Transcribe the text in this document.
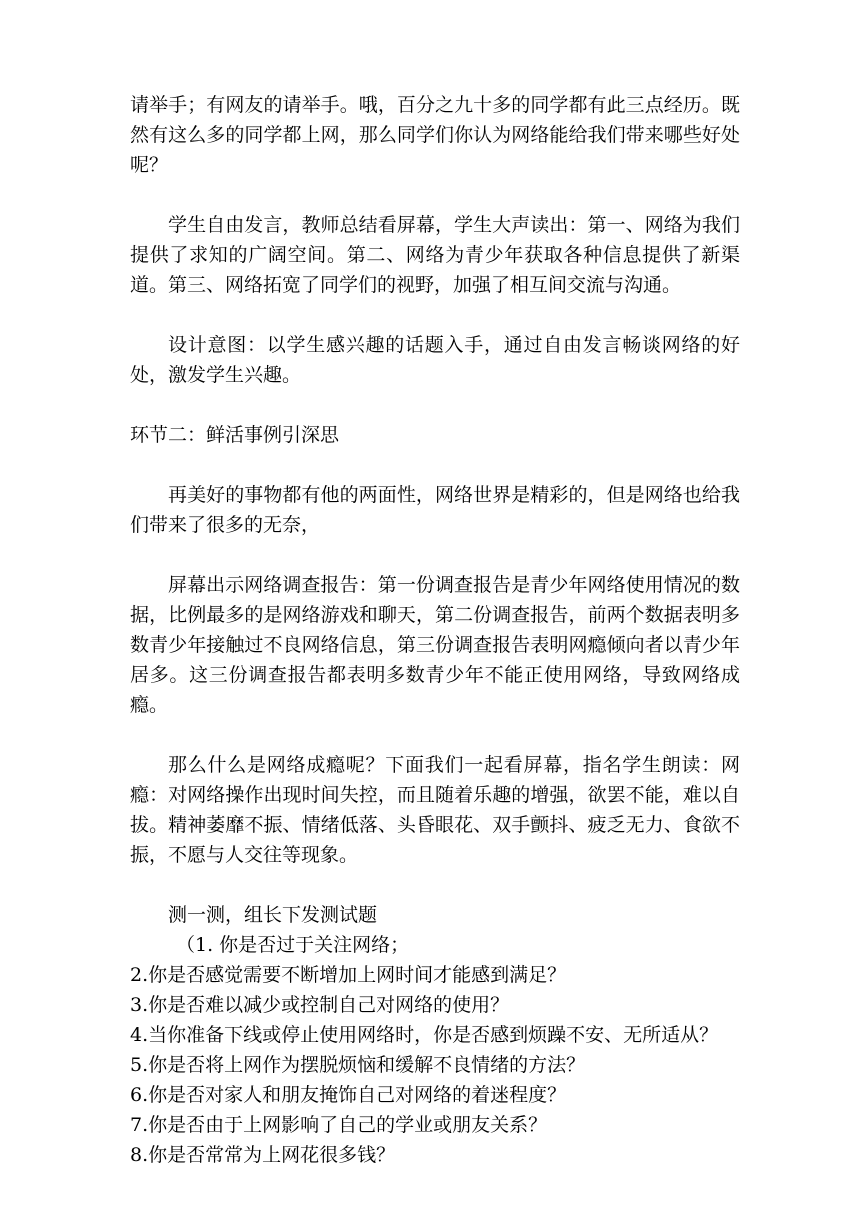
请举手；有网友的请举手。哦，百分之九十多的同学都有此三点经历。既然有这么多的同学都上网，那么同学们你认为网络能给我们带来哪些好处呢？

学生自由发言，教师总结看屏幕，学生大声读出：第一、网络为我们提供了求知的广阔空间。第二、网络为青少年获取各种信息提供了新渠道。第三、网络拓宽了同学们的视野，加强了相互间交流与沟通。

设计意图：以学生感兴趣的话题入手，通过自由发言畅谈网络的好处，激发学生兴趣。

环节二：鲜活事例引深思

再美好的事物都有他的两面性，网络世界是精彩的，但是网络也给我们带来了很多的无奈，

屏幕出示网络调查报告：第一份调查报告是青少年网络使用情况的数据，比例最多的是网络游戏和聊天，第二份调查报告，前两个数据表明多数青少年接触过不良网络信息，第三份调查报告表明网瘾倾向者以青少年居多。这三份调查报告都表明多数青少年不能正使用网络，导致网络成瘾。

那么什么是网络成瘾呢？下面我们一起看屏幕，指名学生朗读：网瘾：对网络操作出现时间失控，而且随着乐趣的增强，欲罢不能，难以自拔。精神萎靡不振、情绪低落、头昏眼花、双手颤抖、疲乏无力、食欲不振，不愿与人交往等现象。

测一测，组长下发测试题

（1. 你是否过于关注网络；

2.你是否感觉需要不断增加上网时间才能感到满足？

3.你是否难以减少或控制自己对网络的使用？

4.当你准备下线或停止使用网络时，你是否感到烦躁不安、无所适从？

5.你是否将上网作为摆脱烦恼和缓解不良情绪的方法？

6.你是否对家人和朋友掩饰自己对网络的着迷程度？

7.你是否由于上网影响了自己的学业或朋友关系？

8.你是否常常为上网花很多钱？
